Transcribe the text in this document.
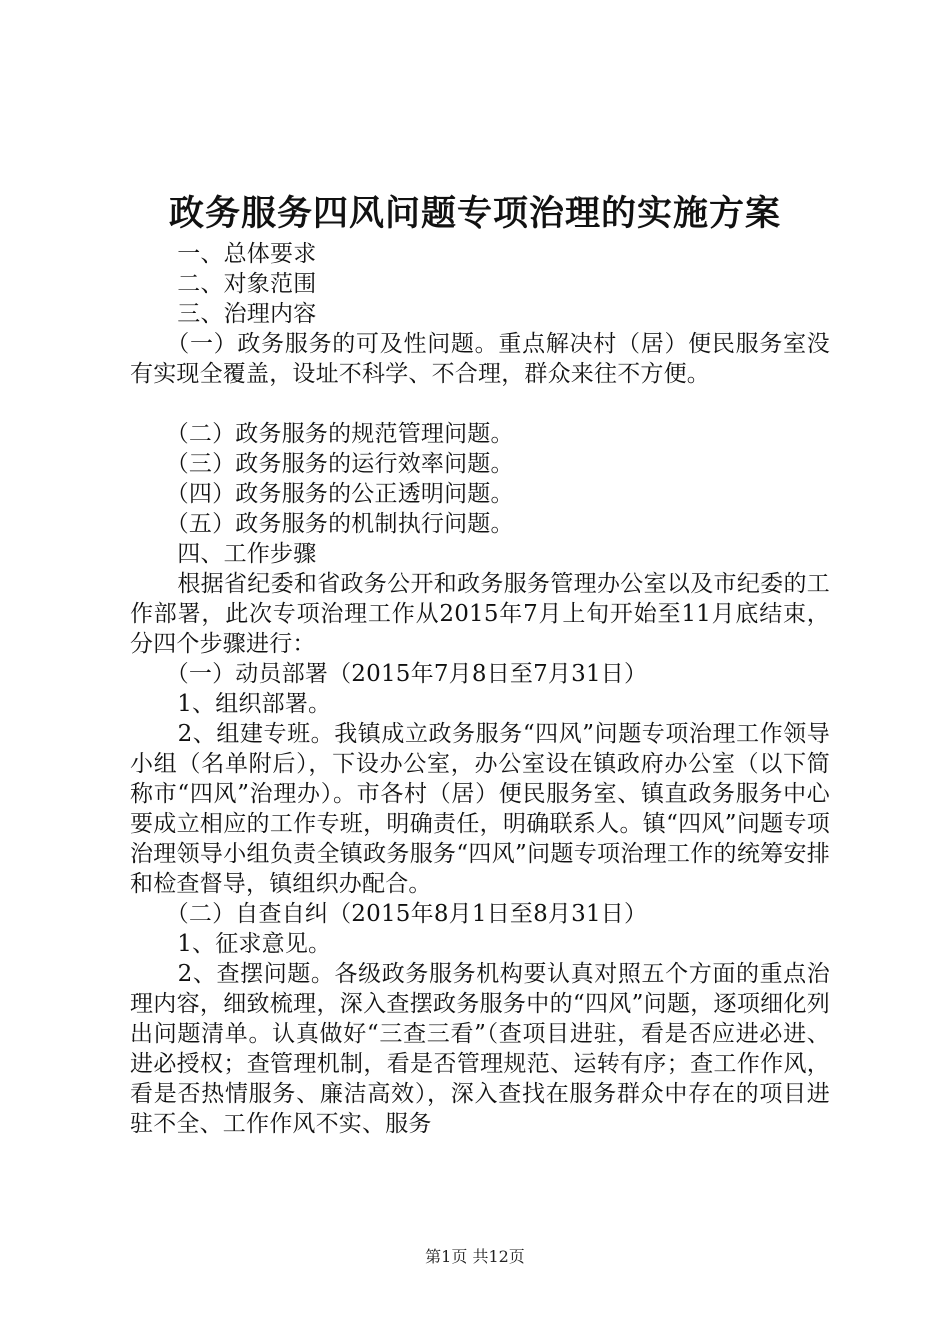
政务服务四风问题专项治理的实施方案

　一、总体要求

　二、对象范围

　三、治理内容

　（一）政务服务的可及性问题。重点解决村（居）便民服务室没有实现全覆盖，设址不科学、不合理，群众来往不方便。

　（二）政务服务的规范管理问题。

　（三）政务服务的运行效率问题。

　（四）政务服务的公正透明问题。

　（五）政务服务的机制执行问题。

　四、工作步骤

　根据省纪委和省政务公开和政务服务管理办公室以及市纪委的工作部署，此次专项治理工作从2015年7月上旬开始至11月底结束，分四个步骤进行：

　（一）动员部署（2015年7月8日至7月31日）

　1、组织部署。

　2、组建专班。我镇成立政务服务“四风”问题专项治理工作领导小组（名单附后），下设办公室，办公室设在镇政府办公室（以下简称市“四风”治理办）。市各村（居）便民服务室、镇直政务服务中心要成立相应的工作专班，明确责任，明确联系人。镇“四风”问题专项治理领导小组负责全镇政务服务“四风”问题专项治理工作的统筹安排和检查督导，镇组织办配合。

　（二）自查自纠（2015年8月1日至8月31日）

　1、征求意见。

　2、查摆问题。各级政务服务机构要认真对照五个方面的重点治理内容，细致梳理，深入查摆政务服务中的“四风”问题，逐项细化列出问题清单。认真做好“三查三看”（查项目进驻，看是否应进必进、进必授权；查管理机制，看是否管理规范、运转有序；查工作作风，看是否热情服务、廉洁高效），深入查找在服务群众中存在的项目进驻不全、工作作风不实、服务

第1页 共12页
